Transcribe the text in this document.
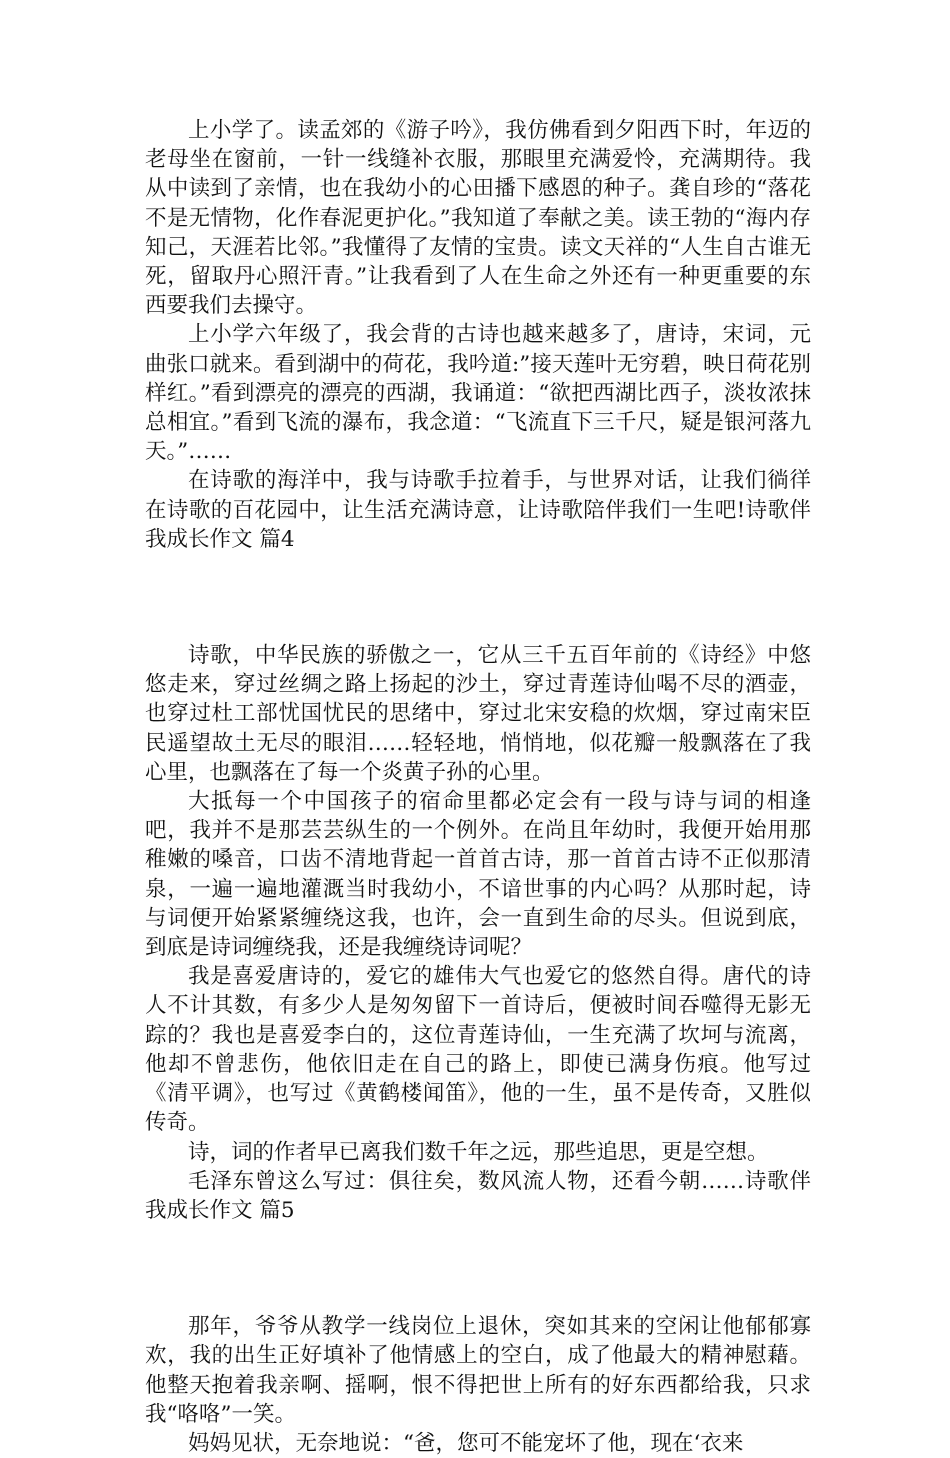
上小学了。读孟郊的《游子吟》，我仿佛看到夕阳西下时，年迈的老母坐在窗前，一针一线缝补衣服，那眼里充满爱怜，充满期待。我从中读到了亲情，也在我幼小的心田播下感恩的种子。龚自珍的“落花不是无情物，化作春泥更护化。”我知道了奉献之美。读王勃的“海内存知己，天涯若比邻。”我懂得了友情的宝贵。读文天祥的“人生自古谁无死，留取丹心照汗青。”让我看到了人在生命之外还有一种更重要的东西要我们去操守。

上小学六年级了，我会背的古诗也越来越多了，唐诗，宋词，元曲张口就来。看到湖中的荷花，我吟道:”接天莲叶无穷碧，映日荷花别样红。”看到漂亮的漂亮的西湖，我诵道：“欲把西湖比西子，淡妆浓抹总相宜。”看到飞流的瀑布，我念道：“飞流直下三千尺，疑是银河落九天。”……

在诗歌的海洋中，我与诗歌手拉着手，与世界对话，让我们徜徉在诗歌的百花园中，让生活充满诗意，让诗歌陪伴我们一生吧!诗歌伴我成长作文 篇4

诗歌，中华民族的骄傲之一，它从三千五百年前的《诗经》中悠悠走来，穿过丝绸之路上扬起的沙土，穿过青莲诗仙喝不尽的酒壶，也穿过杜工部忧国忧民的思绪中，穿过北宋安稳的炊烟，穿过南宋臣民遥望故土无尽的眼泪……轻轻地，悄悄地，似花瓣一般飘落在了我心里，也飘落在了每一个炎黄子孙的心里。

大抵每一个中国孩子的宿命里都必定会有一段与诗与词的相逢吧，我并不是那芸芸纵生的一个例外。在尚且年幼时，我便开始用那稚嫩的嗓音，口齿不清地背起一首首古诗，那一首首古诗不正似那清泉，一遍一遍地灌溉当时我幼小，不谙世事的内心吗？从那时起，诗与词便开始紧紧缠绕这我，也许，会一直到生命的尽头。但说到底，到底是诗词缠绕我，还是我缠绕诗词呢？

我是喜爱唐诗的，爱它的雄伟大气也爱它的悠然自得。唐代的诗人不计其数，有多少人是匆匆留下一首诗后，便被时间吞噬得无影无踪的？我也是喜爱李白的，这位青莲诗仙，一生充满了坎坷与流离，他却不曾悲伤，他依旧走在自己的路上，即使已满身伤痕。他写过《清平调》，也写过《黄鹤楼闻笛》，他的一生，虽不是传奇，又胜似传奇。

诗，词的作者早已离我们数千年之远，那些追思，更是空想。

毛泽东曾这么写过：俱往矣，数风流人物，还看今朝……诗歌伴我成长作文 篇5

那年，爷爷从教学一线岗位上退休，突如其来的空闲让他郁郁寡欢，我的出生正好填补了他情感上的空白，成了他最大的精神慰藉。他整天抱着我亲啊、摇啊，恨不得把世上所有的好东西都给我，只求我“咯咯”一笑。

妈妈见状，无奈地说：“爸，您可不能宠坏了他，现在‘衣来
